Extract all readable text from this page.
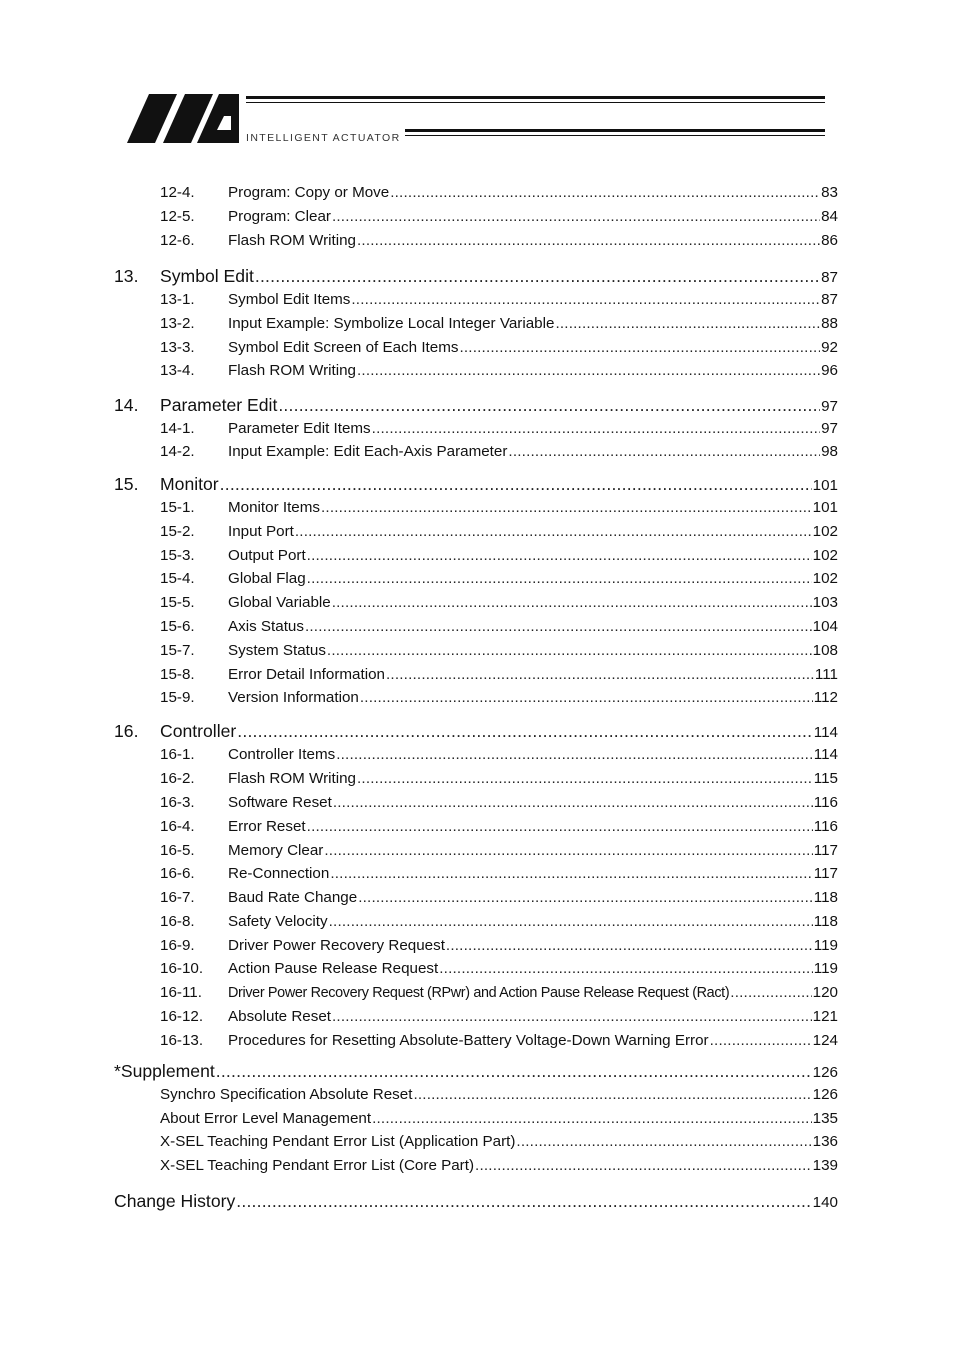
INTELLIGENT ACTUATOR
12-4.	Program: Copy or Move .....	83
12-5.	Program: Clear .....	84
12-6.	Flash ROM Writing .....	86
13.	Symbol Edit .....	87
13-1.	Symbol Edit Items .....	87
13-2.	Input Example: Symbolize Local Integer Variable .....	88
13-3.	Symbol Edit Screen of Each Items .....	92
13-4.	Flash ROM Writing .....	96
14.	Parameter Edit .....	97
14-1.	Parameter Edit Items .....	97
14-2.	Input Example: Edit Each-Axis Parameter .....	98
15.	Monitor .....	101
15-1.	Monitor Items .....	101
15-2.	Input Port .....	102
15-3.	Output Port .....	102
15-4.	Global Flag .....	102
15-5.	Global Variable .....	103
15-6.	Axis Status .....	104
15-7.	System Status .....	108
15-8.	Error Detail Information .....	111
15-9.	Version Information .....	112
16.	Controller .....	114
16-1.	Controller Items .....	114
16-2.	Flash ROM Writing .....	115
16-3.	Software Reset .....	116
16-4.	Error Reset .....	116
16-5.	Memory Clear .....	117
16-6.	Re-Connection .....	117
16-7.	Baud Rate Change .....	118
16-8.	Safety Velocity .....	118
16-9.	Driver Power Recovery Request .....	119
16-10.	Action Pause Release Request .....	119
16-11.	Driver Power Recovery Request (RPwr) and Action Pause Release Request (Ract) .....	120
16-12.	Absolute Reset .....	121
16-13.	Procedures for Resetting Absolute-Battery Voltage-Down Warning Error .....	124
*Supplement .....	126
Synchro Specification Absolute Reset .....	126
About Error Level Management .....	135
X-SEL Teaching Pendant Error List (Application Part) .....	136
X-SEL Teaching Pendant Error List (Core Part) .....	139
Change History .....	140
